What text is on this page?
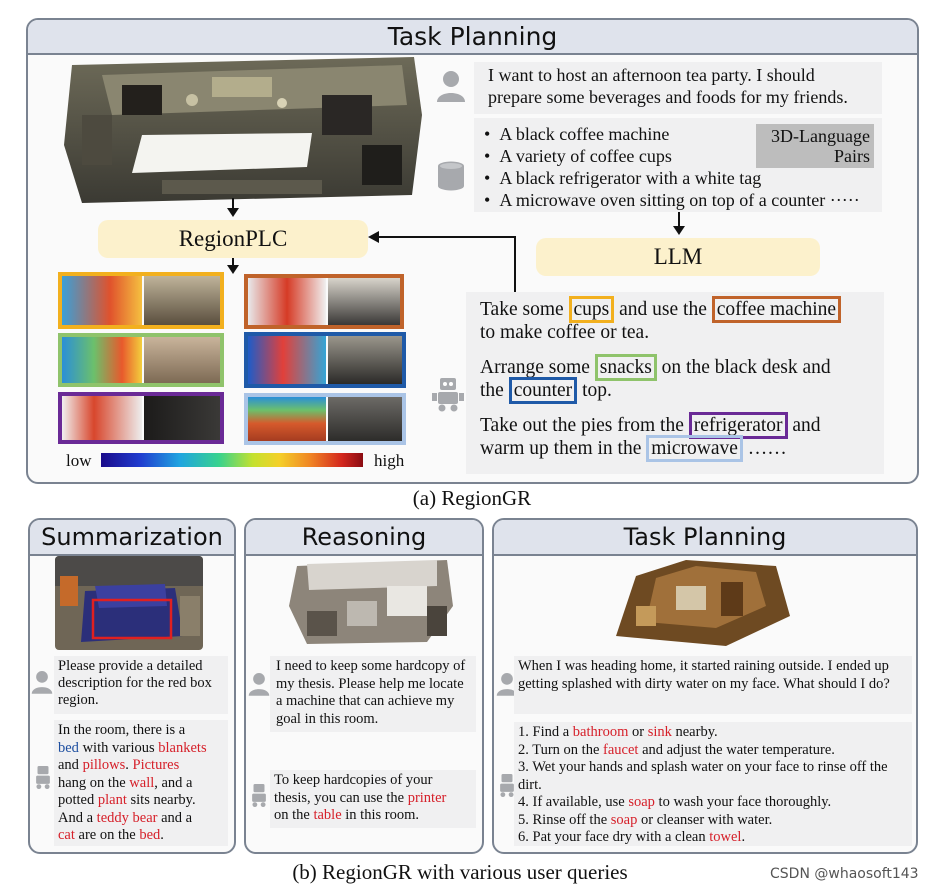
Task Planning
RegionPLC
low	high
I want to host an afternoon tea party. I should prepare some beverages and foods for my friends.
•  A black coffee machine
•  A variety of coffee cups
•  A black refrigerator with a white tag
•  A microwave oven sitting on top of a counter ·····
3D-Language Pairs
LLM
Take some cups and use the coffee machine
to make coffee or tea.
Arrange some snacks on the black desk and
the counter top.
Take out the pies from the refrigerator and
warm up them in the microwave ……
(a) RegionGR
Summarization
Please provide a detailed description for the red box region.
In the room, there is a
bed with various blankets
and pillows. Pictures
hang on the wall, and a
potted plant sits nearby.
And a teddy bear and a
cat are on the bed.
Reasoning
I need to keep some hardcopy of my thesis. Please help me locate a machine that can achieve my goal in this room.
To keep hardcopies of your thesis, you can use the printer
on the table in this room.
Task Planning
When I was heading home, it started raining outside. I ended up getting splashed with dirty water on my face. What should I do?
1. Find a bathroom or sink nearby.
2. Turn on the faucet and adjust the water temperature.
3. Wet your hands and splash water on your face to rinse off the dirt.
4. If available, use soap to wash your face thoroughly.
5. Rinse off the soap or cleanser with water.
6. Pat your face dry with a clean towel.
(b) RegionGR with various user queries	CSDN @whaosoft143
